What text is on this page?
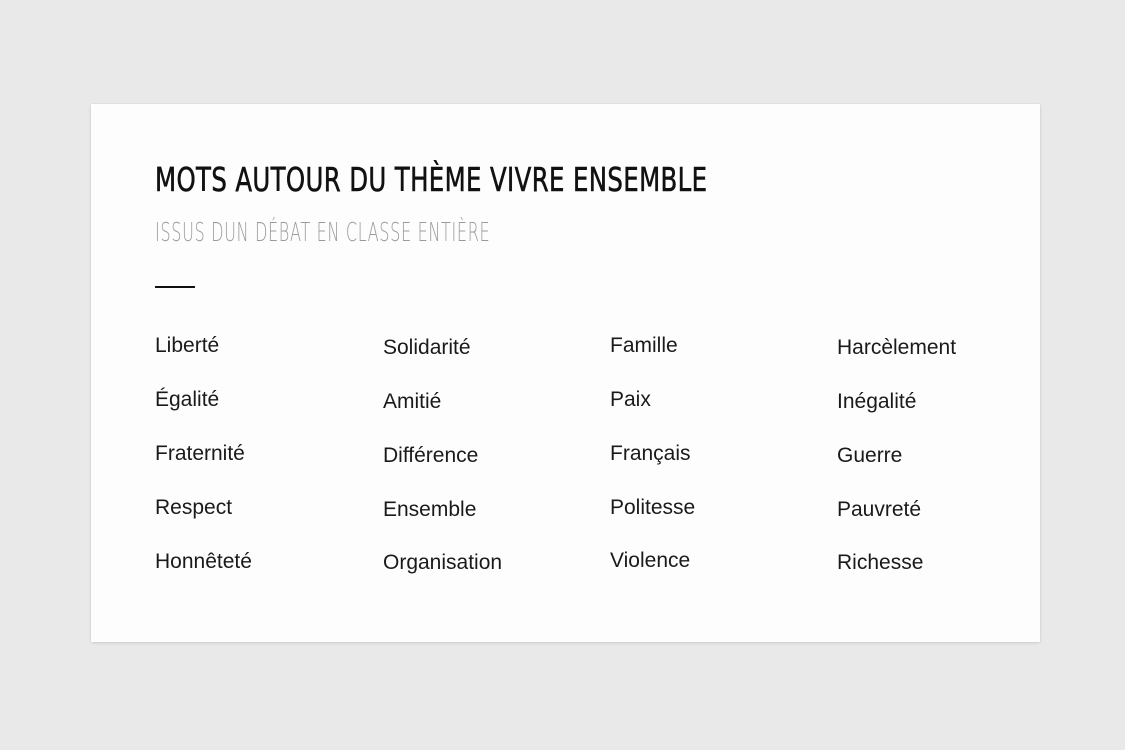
MOTS AUTOUR DU THÈME VIVRE ENSEMBLE
ISSUS DUN DÉBAT EN CLASSE ENTIÈRE
Liberté
Égalité
Fraternité
Respect
Honnêteté
Solidarité
Amitié
Différence
Ensemble
Organisation
Famille
Paix
Français
Politesse
Violence
Harcèlement
Inégalité
Guerre
Pauvreté
Richesse
